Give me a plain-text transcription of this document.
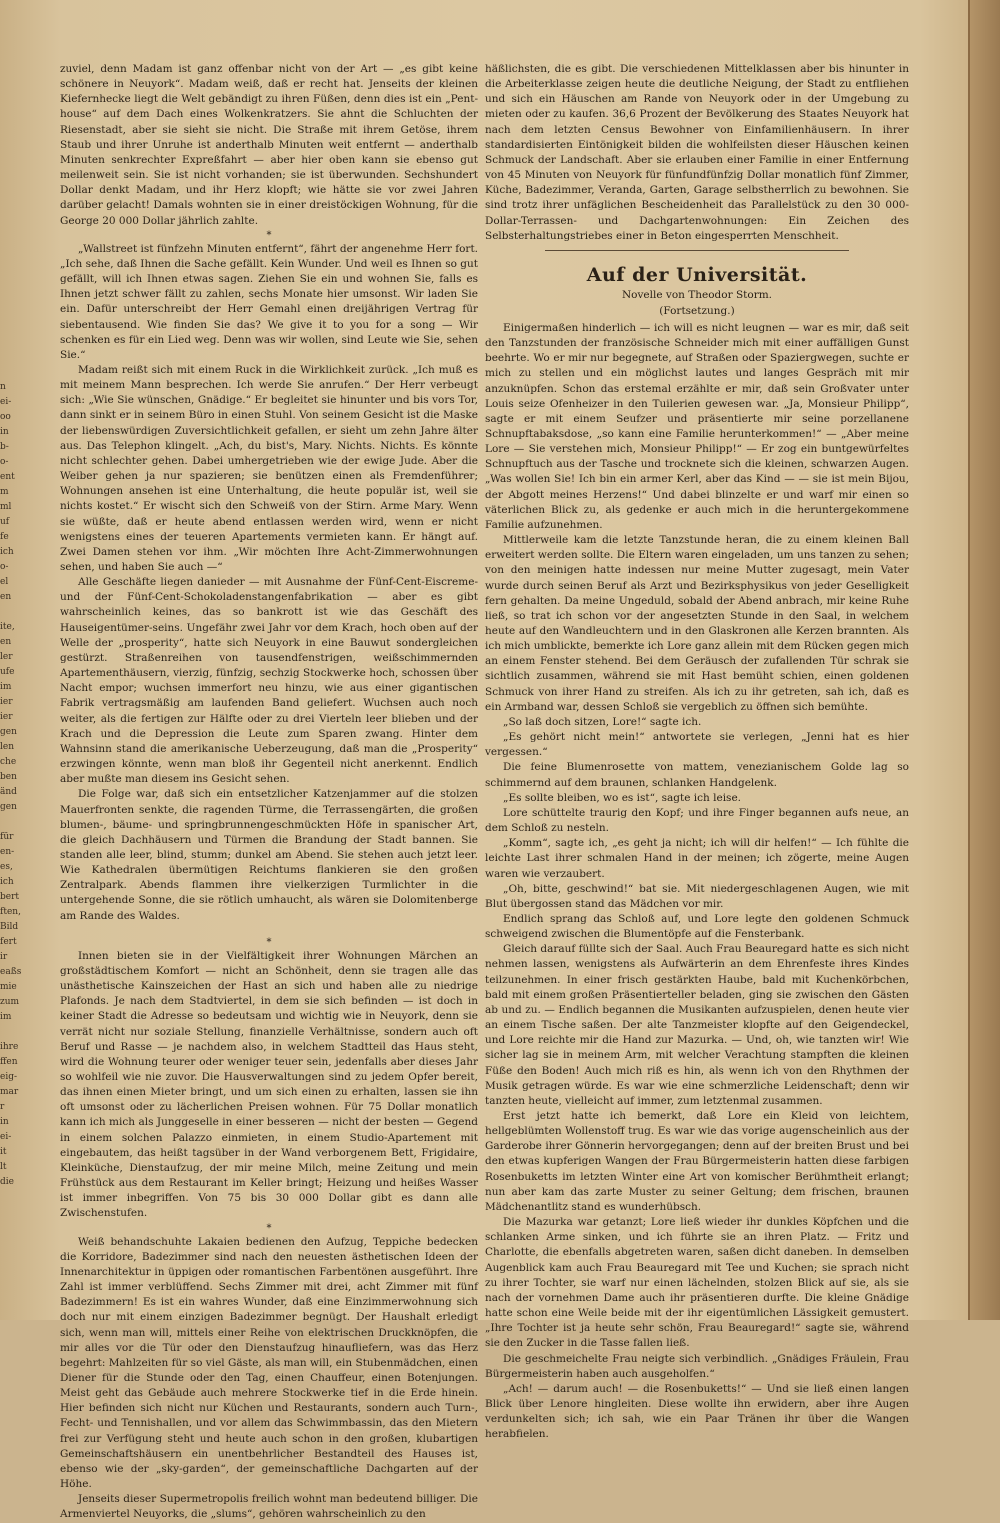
n
ei-
oo
in
b-
o-
ent
m
ml
uf
fe
ich
o-
el
en
ite,
en
ler
ufe
im
ier
ier
gen
len
che
ben
änd
gen
für
en-
es,
ich
bert
ften,
Bild
fert
ir
eaßs
mie
zum
im
ihre
ffen
eig-
mar
r
in
ei-
it
lt
die

zuviel, denn Madam ist ganz offenbar nicht von der Art — „es gibt keine schönere in Neuyork“. Madam weiß, daß er recht hat. Jenseits der kleinen Kiefernhecke liegt die Welt gebändigt zu ihren Füßen, denn dies ist ein „Pent-house“ auf dem Dach eines Wolkenkratzers. Sie ahnt die Schluchten der Riesenstadt, aber sie sieht sie nicht. Die Straße mit ihrem Getöse, ihrem Staub und ihrer Unruhe ist anderthalb Minuten weit entfernt — anderthalb Minuten senkrechter Expreßfahrt — aber hier oben kann sie ebenso gut meilenweit sein. Sie ist nicht vorhanden; sie ist überwunden. Sechshundert Dollar denkt Madam, und ihr Herz klopft; wie hätte sie vor zwei Jahren darüber gelacht! Damals wohnten sie in einer dreistöckigen Wohnung, für die George 20 000 Dollar jährlich zahlte.

*

„Wallstreet ist fünfzehn Minuten entfernt“, fährt der angenehme Herr fort. „Ich sehe, daß Ihnen die Sache gefällt. Kein Wunder. Und weil es Ihnen so gut gefällt, will ich Ihnen etwas sagen. Ziehen Sie ein und wohnen Sie, falls es Ihnen jetzt schwer fällt zu zahlen, sechs Monate hier umsonst. Wir laden Sie ein. Dafür unterschreibt der Herr Gemahl einen dreijährigen Vertrag für siebentausend. Wie finden Sie das? We give it to you for a song — Wir schenken es für ein Lied weg. Denn was wir wollen, sind Leute wie Sie, sehen Sie.“

Madam reißt sich mit einem Ruck in die Wirklichkeit zurück. „Ich muß es mit meinem Mann besprechen. Ich werde Sie anrufen.“ Der Herr verbeugt sich: „Wie Sie wünschen, Gnädige.“ Er begleitet sie hinunter und bis vors Tor, dann sinkt er in seinem Büro in einen Stuhl. Von seinem Gesicht ist die Maske der liebenswürdigen Zuversichtlichkeit gefallen, er sieht um zehn Jahre älter aus. Das Telephon klingelt. „Ach, du bist's, Mary. Nichts. Nichts. Es könnte nicht schlechter gehen. Dabei umhergetrieben wie der ewige Jude. Aber die Weiber gehen ja nur spazieren; sie benützen einen als Fremdenführer; Wohnungen ansehen ist eine Unterhaltung, die heute populär ist, weil sie nichts kostet.“ Er wischt sich den Schweiß von der Stirn. Arme Mary. Wenn sie wüßte, daß er heute abend entlassen werden wird, wenn er nicht wenigstens eines der teueren Apartements vermieten kann. Er hängt auf. Zwei Damen stehen vor ihm. „Wir möchten Ihre Acht-Zimmerwohnungen sehen, und haben Sie auch —“

Alle Geschäfte liegen danieder — mit Ausnahme der Fünf-Cent-Eiscreme- und der Fünf-Cent-Schokoladenstangenfabrikation — aber es gibt wahrscheinlich keines, das so bankrott ist wie das Geschäft des Hauseigentümer-seins. Ungefähr zwei Jahr vor dem Krach, hoch oben auf der Welle der „prosperity“, hatte sich Neuyork in eine Bauwut sondergleichen gestürzt. Straßenreihen von tausendfenstrigen, weißschimmernden Apartementhäusern, vierzig, fünfzig, sechzig Stockwerke hoch, schossen über Nacht empor; wuchsen immerfort neu hinzu, wie aus einer gigantischen Fabrik vertragsmäßig am laufenden Band geliefert. Wuchsen auch noch weiter, als die fertigen zur Hälfte oder zu drei Vierteln leer blieben und der Krach und die Depression die Leute zum Sparen zwang. Hinter dem Wahnsinn stand die amerikanische Ueberzeugung, daß man die „Prosperity“ erzwingen könnte, wenn man bloß ihr Gegenteil nicht anerkennt. Endlich aber mußte man diesem ins Gesicht sehen.

Die Folge war, daß sich ein entsetzlicher Katzenjammer auf die stolzen Mauerfronten senkte, die ragenden Türme, die Terrassengärten, die großen blumen-, bäume- und springbrunnengeschmückten Höfe in spanischer Art, die gleich Dachhäusern und Türmen die Brandung der Stadt bannen. Sie standen alle leer, blind, stumm; dunkel am Abend. Sie stehen auch jetzt leer. Wie Kathedralen übermütigen Reichtums flankieren sie den großen Zentralpark. Abends flammen ihre vielkerzigen Turmlichter in die untergehende Sonne, die sie rötlich umhaucht, als wären sie Dolomitenberge am Rande des Waldes.

*

Innen bieten sie in der Vielfältigkeit ihrer Wohnungen Märchen an großstädtischem Komfort — nicht an Schönheit, denn sie tragen alle das unästhetische Kainszeichen der Hast an sich und haben alle zu niedrige Plafonds. Je nach dem Stadtviertel, in dem sie sich befinden — ist doch in keiner Stadt die Adresse so bedeutsam und wichtig wie in Neuyork, denn sie verrät nicht nur soziale Stellung, finanzielle Verhältnisse, sondern auch oft Beruf und Rasse — je nachdem also, in welchem Stadtteil das Haus steht, wird die Wohnung teurer oder weniger teuer sein, jedenfalls aber dieses Jahr so wohlfeil wie nie zuvor. Die Hausverwaltungen sind zu jedem Opfer bereit, das ihnen einen Mieter bringt, und um sich einen zu erhalten, lassen sie ihn oft umsonst oder zu lächerlichen Preisen wohnen. Für 75 Dollar monatlich kann ich mich als Junggeselle in einer besseren — nicht der besten — Gegend in einem solchen Palazzo einmieten, in einem Studio-Apartement mit eingebautem, das heißt tagsüber in der Wand verborgenem Bett, Frigidaire, Kleinküche, Dienstaufzug, der mir meine Milch, meine Zeitung und mein Frühstück aus dem Restaurant im Keller bringt; Heizung und heißes Wasser ist immer inbegriffen. Von 75 bis 30 000 Dollar gibt es dann alle Zwischenstufen.

*

Weiß behandschuhte Lakaien bedienen den Aufzug, Teppiche bedecken die Korridore, Badezimmer sind nach den neuesten ästhetischen Ideen der Innenarchitektur in üppigen oder romantischen Farbentönen ausgeführt. Ihre Zahl ist immer verblüffend. Sechs Zimmer mit drei, acht Zimmer mit fünf Badezimmern! Es ist ein wahres Wunder, daß eine Einzimmerwohnung sich doch nur mit einem einzigen Badezimmer begnügt. Der Haushalt erledigt sich, wenn man will, mittels einer Reihe von elektrischen Druckknöpfen, die mir alles vor die Tür oder den Dienstaufzug hinaufliefern, was das Herz begehrt: Mahlzeiten für so viel Gäste, als man will, ein Stubenmädchen, einen Diener für die Stunde oder den Tag, einen Chauffeur, einen Botenjungen. Meist geht das Gebäude auch mehrere Stockwerke tief in die Erde hinein. Hier befinden sich nicht nur Küchen und Restaurants, sondern auch Turn-, Fecht- und Tennishallen, und vor allem das Schwimmbassin, das den Mietern frei zur Verfügung steht und heute auch schon in den großen, klubartigen Gemeinschaftshäusern ein unentbehrlicher Bestandteil des Hauses ist, ebenso wie der „sky-garden“, der gemeinschaftliche Dachgarten auf der Höhe.

Jenseits dieser Supermetropolis freilich wohnt man bedeutend billiger. Die Armenviertel Neuyorks, die „slums“, gehören wahrscheinlich zu den

häßlichsten, die es gibt. Die verschiedenen Mittelklassen aber bis hinunter in die Arbeiterklasse zeigen heute die deutliche Neigung, der Stadt zu entfliehen und sich ein Häuschen am Rande von Neuyork oder in der Umgebung zu mieten oder zu kaufen. 36,6 Prozent der Bevölkerung des Staates Neuyork hat nach dem letzten Census Bewohner von Einfamilienhäusern. In ihrer standardisierten Eintönigkeit bilden die wohlfeilsten dieser Häuschen keinen Schmuck der Landschaft. Aber sie erlauben einer Familie in einer Entfernung von 45 Minuten von Neuyork für fünfundfünfzig Dollar monatlich fünf Zimmer, Küche, Badezimmer, Veranda, Garten, Garage selbstherrlich zu bewohnen. Sie sind trotz ihrer unfäglichen Bescheidenheit das Parallelstück zu den 30 000-Dollar-Terrassen- und Dachgartenwohnungen: Ein Zeichen des Selbsterhaltungstriebes einer in Beton eingesperrten Menschheit.

Auf der Universität.
Novelle von Theodor Storm.
(Fortsetzung.)

Einigermaßen hinderlich — ich will es nicht leugnen — war es mir, daß seit den Tanzstunden der französische Schneider mich mit einer auffälligen Gunst beehrte. Wo er mir nur begegnete, auf Straßen oder Spaziergwegen, suchte er mich zu stellen und ein möglichst lautes und langes Gespräch mit mir anzuknüpfen. Schon das erstemal erzählte er mir, daß sein Großvater unter Louis seize Ofenheizer in den Tuilerien gewesen war. „Ja, Monsieur Philipp“, sagte er mit einem Seufzer und präsentierte mir seine porzellanene Schnupftabaksdose, „so kann eine Familie herunterkommen!“ — „Aber meine Lore — Sie verstehen mich, Monsieur Philipp!“ — Er zog ein buntgewürfeltes Schnupftuch aus der Tasche und trocknete sich die kleinen, schwarzen Augen. „Was wollen Sie! Ich bin ein armer Kerl, aber das Kind — — sie ist mein Bijou, der Abgott meines Herzens!“ Und dabei blinzelte er und warf mir einen so väterlichen Blick zu, als gedenke er auch mich in die heruntergekommene Familie aufzunehmen.

Mittlerweile kam die letzte Tanzstunde heran, die zu einem kleinen Ball erweitert werden sollte. Die Eltern waren eingeladen, um uns tanzen zu sehen; von den meinigen hatte indessen nur meine Mutter zugesagt, mein Vater wurde durch seinen Beruf als Arzt und Bezirksphysikus von jeder Geselligkeit fern gehalten. Da meine Ungeduld, sobald der Abend anbrach, mir keine Ruhe ließ, so trat ich schon vor der angesetzten Stunde in den Saal, in welchem heute auf den Wandleuchtern und in den Glaskronen alle Kerzen brannten. Als ich mich umblickte, bemerkte ich Lore ganz allein mit dem Rücken gegen mich an einem Fenster stehend. Bei dem Geräusch der zufallenden Tür schrak sie sichtlich zusammen, während sie mit Hast bemüht schien, einen goldenen Schmuck von ihrer Hand zu streifen. Als ich zu ihr getreten, sah ich, daß es ein Armband war, dessen Schloß sie vergeblich zu öffnen sich bemühte.

„So laß doch sitzen, Lore!“ sagte ich.

„Es gehört nicht mein!“ antwortete sie verlegen, „Jenni hat es hier vergessen.“

Die feine Blumenrosette von mattem, venezianischem Golde lag so schimmernd auf dem braunen, schlanken Handgelenk.

„Es sollte bleiben, wo es ist“, sagte ich leise.

Lore schüttelte traurig den Kopf; und ihre Finger begannen aufs neue, an dem Schloß zu nesteln.

„Komm“, sagte ich, „es geht ja nicht; ich will dir helfen!“ — Ich fühlte die leichte Last ihrer schmalen Hand in der meinen; ich zögerte, meine Augen waren wie verzaubert.

„Oh, bitte, geschwind!“ bat sie. Mit niedergeschlagenen Augen, wie mit Blut übergossen stand das Mädchen vor mir.

Endlich sprang das Schloß auf, und Lore legte den goldenen Schmuck schweigend zwischen die Blumentöpfe auf die Fensterbank.

Gleich darauf füllte sich der Saal. Auch Frau Beauregard hatte es sich nicht nehmen lassen, wenigstens als Aufwärterin an dem Ehrenfeste ihres Kindes teilzunehmen. In einer frisch gestärkten Haube, bald mit Kuchenkörbchen, bald mit einem großen Präsentierteller beladen, ging sie zwischen den Gästen ab und zu. — Endlich begannen die Musikanten aufzuspielen, denen heute vier an einem Tische saßen. Der alte Tanzmeister klopfte auf den Geigendeckel, und Lore reichte mir die Hand zur Mazurka. — Und, oh, wie tanzten wir! Wie sicher lag sie in meinem Arm, mit welcher Verachtung stampften die kleinen Füße den Boden! Auch mich riß es hin, als wenn ich von den Rhythmen der Musik getragen würde. Es war wie eine schmerzliche Leidenschaft; denn wir tanzten heute, vielleicht auf immer, zum letztenmal zusammen.

Erst jetzt hatte ich bemerkt, daß Lore ein Kleid von leichtem, hellgeblümten Wollenstoff trug. Es war wie das vorige augenscheinlich aus der Garderobe ihrer Gönnerin hervorgegangen; denn auf der breiten Brust und bei den etwas kupferigen Wangen der Frau Bürgermeisterin hatten diese farbigen Rosenbuketts im letzten Winter eine Art von komischer Berühmtheit erlangt; nun aber kam das zarte Muster zu seiner Geltung; dem frischen, braunen Mädchenantlitz stand es wunderhübsch.

Die Mazurka war getanzt; Lore ließ wieder ihr dunkles Köpfchen und die schlanken Arme sinken, und ich führte sie an ihren Platz. — Fritz und Charlotte, die ebenfalls abgetreten waren, saßen dicht daneben. In demselben Augenblick kam auch Frau Beauregard mit Tee und Kuchen; sie sprach nicht zu ihrer Tochter, sie warf nur einen lächelnden, stolzen Blick auf sie, als sie nach der vornehmen Dame auch ihr präsentieren durfte. Die kleine Gnädige hatte schon eine Weile beide mit der ihr eigentümlichen Lässigkeit gemustert. „Ihre Tochter ist ja heute sehr schön, Frau Beauregard!“ sagte sie, während sie den Zucker in die Tasse fallen ließ.

Die geschmeichelte Frau neigte sich verbindlich. „Gnädiges Fräulein, Frau Bürgermeisterin haben auch ausgeholfen.“

„Ach! — darum auch! — die Rosenbuketts!“ — Und sie ließ einen langen Blick über Lenore hingleiten. Diese wollte ihn erwidern, aber ihre Augen verdunkelten sich; ich sah, wie ein Paar Tränen ihr über die Wangen herabfielen.
